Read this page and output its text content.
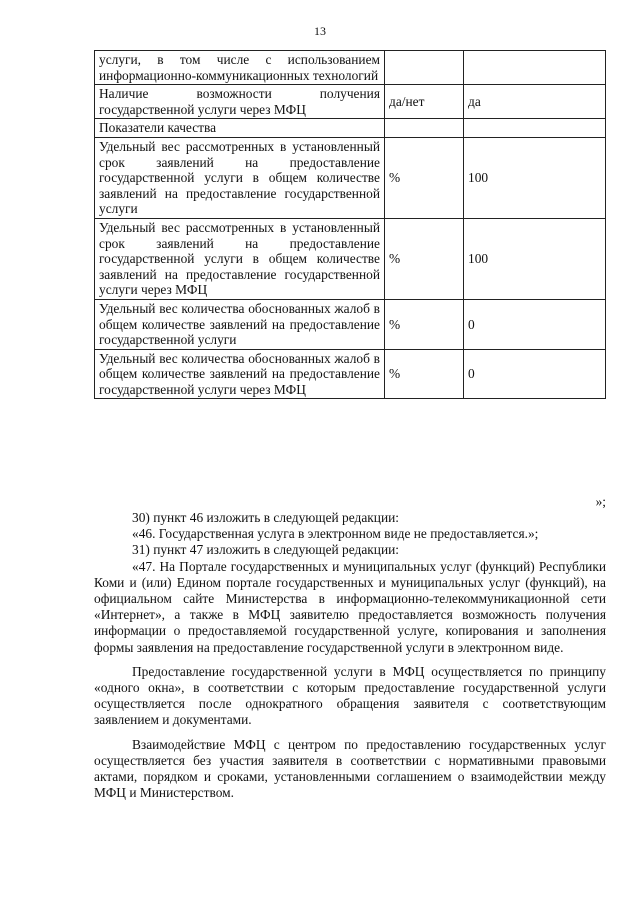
13
услуги, в том числе с использованием информационно-коммуникационных технологий		
Наличие возможности получения государственной услуги через МФЦ	да/нет	да
Показатели качества		
Удельный вес рассмотренных в установленный срок заявлений на предоставление государственной услуги в общем количестве заявлений на предоставление государственной услуги	%	100
Удельный вес рассмотренных в установленный срок заявлений на предоставление государственной услуги в общем количестве заявлений на предоставление государственной услуги через МФЦ	%	100
Удельный вес количества обоснованных жалоб в общем количестве заявлений на предоставление государственной услуги	%	0
Удельный вес количества обоснованных жалоб в общем количестве заявлений на предоставление государственной услуги через МФЦ	%	0
»;

30) пункт 46 изложить в следующей редакции:

«46. Государственная услуга в электронном виде не предоставляется.»;

31) пункт 47 изложить в следующей редакции:

«47. На Портале государственных и муниципальных услуг (функций) Республики Коми и (или) Едином портале государственных и муниципальных услуг (функций), на официальном сайте Министерства в информационно-телекоммуникационной сети «Интернет», а также в МФЦ заявителю предоставляется возможность получения информации о предоставляемой государственной услуге, копирования и заполнения формы заявления на предоставление государственной услуги в электронном виде.

Предоставление государственной услуги в МФЦ осуществляется по принципу «одного окна», в соответствии с которым предоставление государственной услуги осуществляется после однократного обращения заявителя с соответствующим заявлением и документами.

Взаимодействие МФЦ с центром по предоставлению государственных услуг осуществляется без участия заявителя в соответствии с нормативными правовыми актами, порядком и сроками, установленными соглашением о взаимодействии между МФЦ и Министерством.
